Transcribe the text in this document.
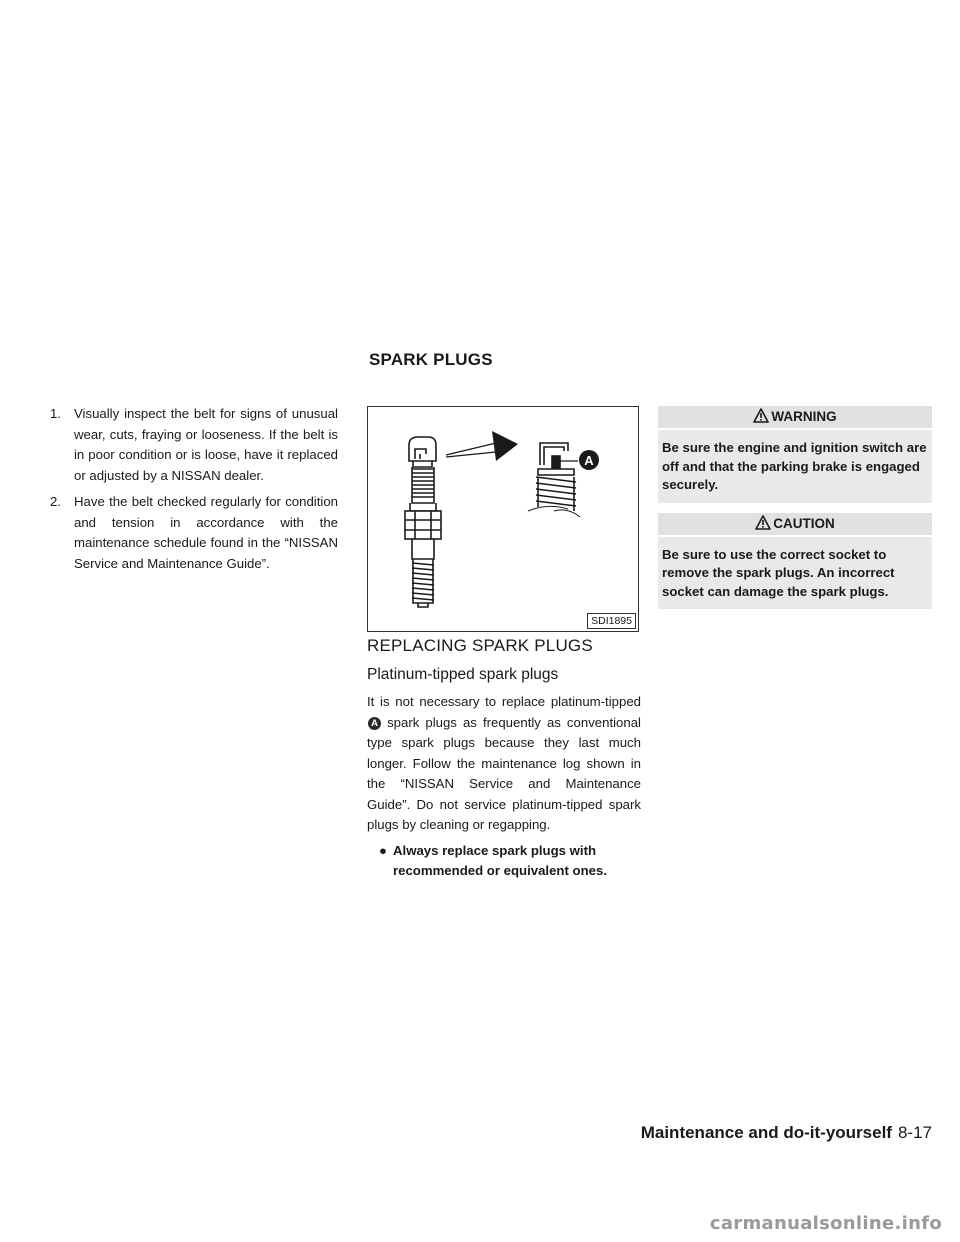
SPARK PLUGS
1. Visually inspect the belt for signs of unusual wear, cuts, fraying or looseness. If the belt is in poor condition or is loose, have it replaced or adjusted by a NISSAN dealer.
2. Have the belt checked regularly for condition and tension in accordance with the maintenance schedule found in the “NISSAN Service and Maintenance Guide”.
A
SDI1895
REPLACING SPARK PLUGS
Platinum-tipped spark plugs

It is not necessary to replace platinum-tippedA spark plugs as frequently as conventional type spark plugs because they last much longer. Follow the maintenance log shown in the “NISSAN Service and Maintenance Guide”. Do not service platinum-tipped spark plugs by cleaning or regapping.

● Always replace spark plugs with recommended or equivalent ones.
WARNING
Be sure the engine and ignition switch are off and that the parking brake is engaged securely.
CAUTION
Be sure to use the correct socket to remove the spark plugs. An incorrect socket can damage the spark plugs.
Maintenance and do-it-yourself 8-17
carmanualsonline.info
